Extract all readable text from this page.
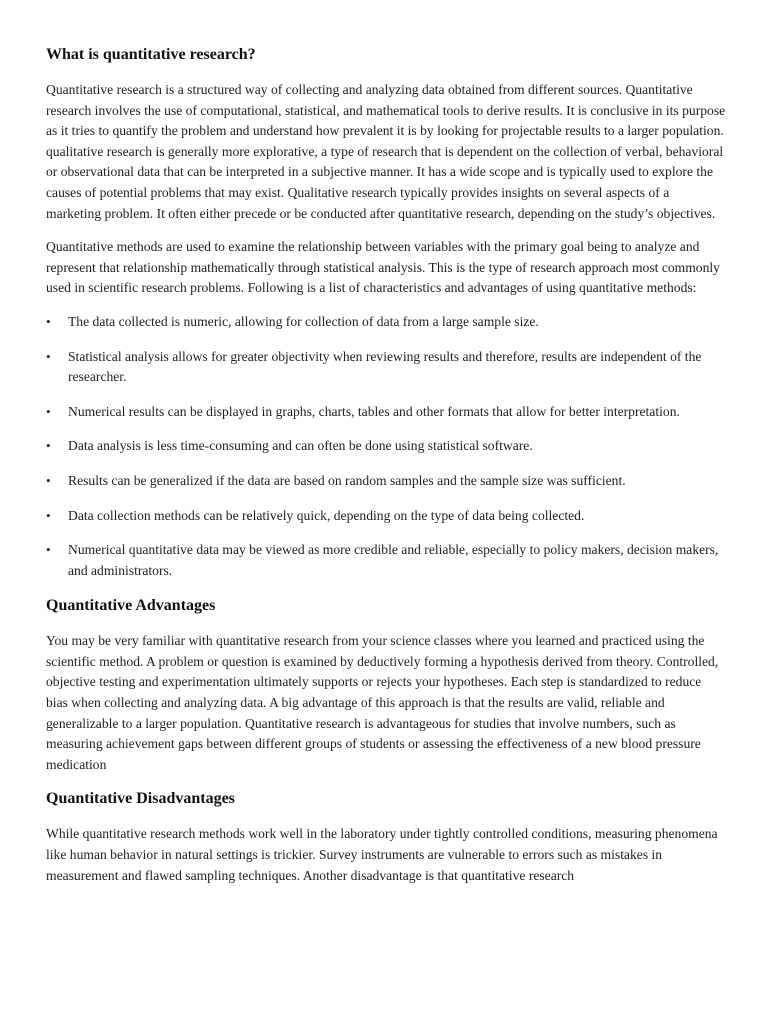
What is quantitative research?

Quantitative research is a structured way of collecting and analyzing data obtained from different sources. Quantitative research involves the use of computational, statistical, and mathematical tools to derive results. It is conclusive in its purpose as it tries to quantify the problem and understand how prevalent it is by looking for projectable results to a larger population. qualitative research is generally more explorative, a type of research that is dependent on the collection of verbal, behavioral or observational data that can be interpreted in a subjective manner. It has a wide scope and is typically used to explore the causes of potential problems that may exist. Qualitative research typically provides insights on several aspects of a marketing problem. It often either precede or be conducted after quantitative research, depending on the study’s objectives.

Quantitative methods are used to examine the relationship between variables with the primary goal being to analyze and represent that relationship mathematically through statistical analysis. This is the type of research approach most commonly used in scientific research problems. Following is a list of characteristics and advantages of using quantitative methods:

• The data collected is numeric, allowing for collection of data from a large sample size.
• Statistical analysis allows for greater objectivity when reviewing results and therefore, results are independent of the researcher.
• Numerical results can be displayed in graphs, charts, tables and other formats that allow for better interpretation.
• Data analysis is less time-consuming and can often be done using statistical software.
• Results can be generalized if the data are based on random samples and the sample size was sufficient.
• Data collection methods can be relatively quick, depending on the type of data being collected.
• Numerical quantitative data may be viewed as more credible and reliable, especially to policy makers, decision makers, and administrators.
Quantitative Advantages

You may be very familiar with quantitative research from your science classes where you learned and practiced using the scientific method. A problem or question is examined by deductively forming a hypothesis derived from theory. Controlled, objective testing and experimentation ultimately supports or rejects your hypotheses. Each step is standardized to reduce bias when collecting and analyzing data. A big advantage of this approach is that the results are valid, reliable and generalizable to a larger population. Quantitative research is advantageous for studies that involve numbers, such as measuring achievement gaps between different groups of students or assessing the effectiveness of a new blood pressure medication

Quantitative Disadvantages

While quantitative research methods work well in the laboratory under tightly controlled conditions, measuring phenomena like human behavior in natural settings is trickier. Survey instruments are vulnerable to errors such as mistakes in measurement and flawed sampling techniques. Another disadvantage is that quantitative research
